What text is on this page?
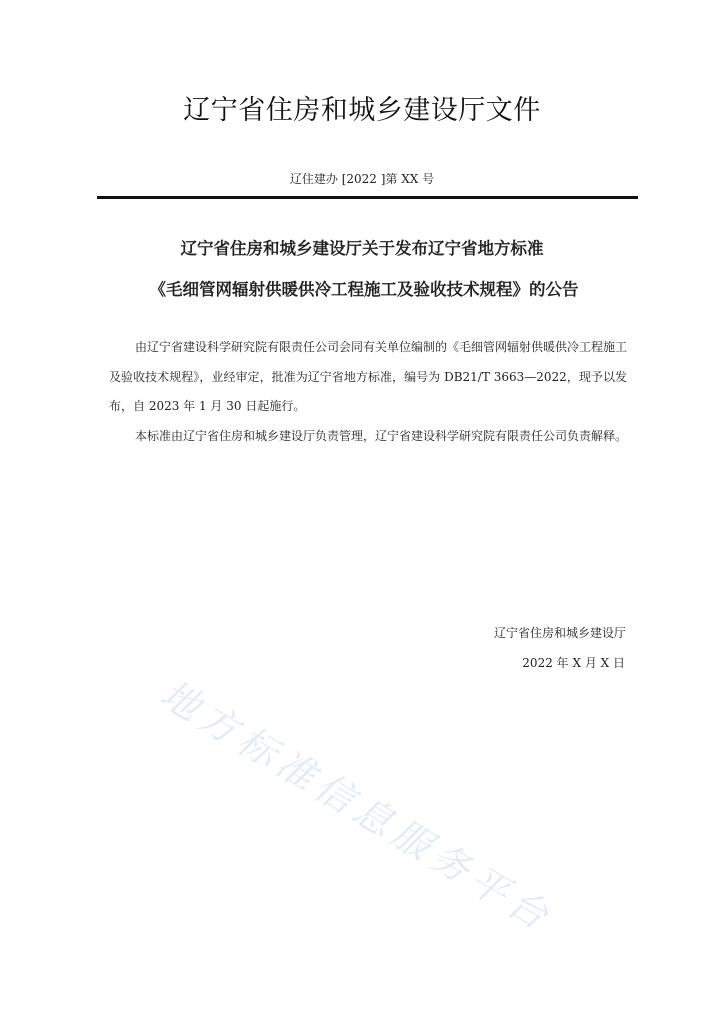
辽宁省住房和城乡建设厅文件
辽住建办 [2022 ]第 XX 号
辽宁省住房和城乡建设厅关于发布辽宁省地方标准
《毛细管网辐射供暖供冷工程施工及验收技术规程》的公告

由辽宁省建设科学研究院有限责任公司会同有关单位编制的《毛细管网辐射供暖供冷工程施工及验收技术规程》，业经审定，批准为辽宁省地方标准，编号为 DB21/T 3663—2022，现予以发布，自 2023 年 1 月 30 日起施行。

本标准由辽宁省住房和城乡建设厅负责管理，辽宁省建设科学研究院有限责任公司负责解释。

辽宁省住房和城乡建设厅
2022 年 X 月 X 日
地方标准信息服务平台
